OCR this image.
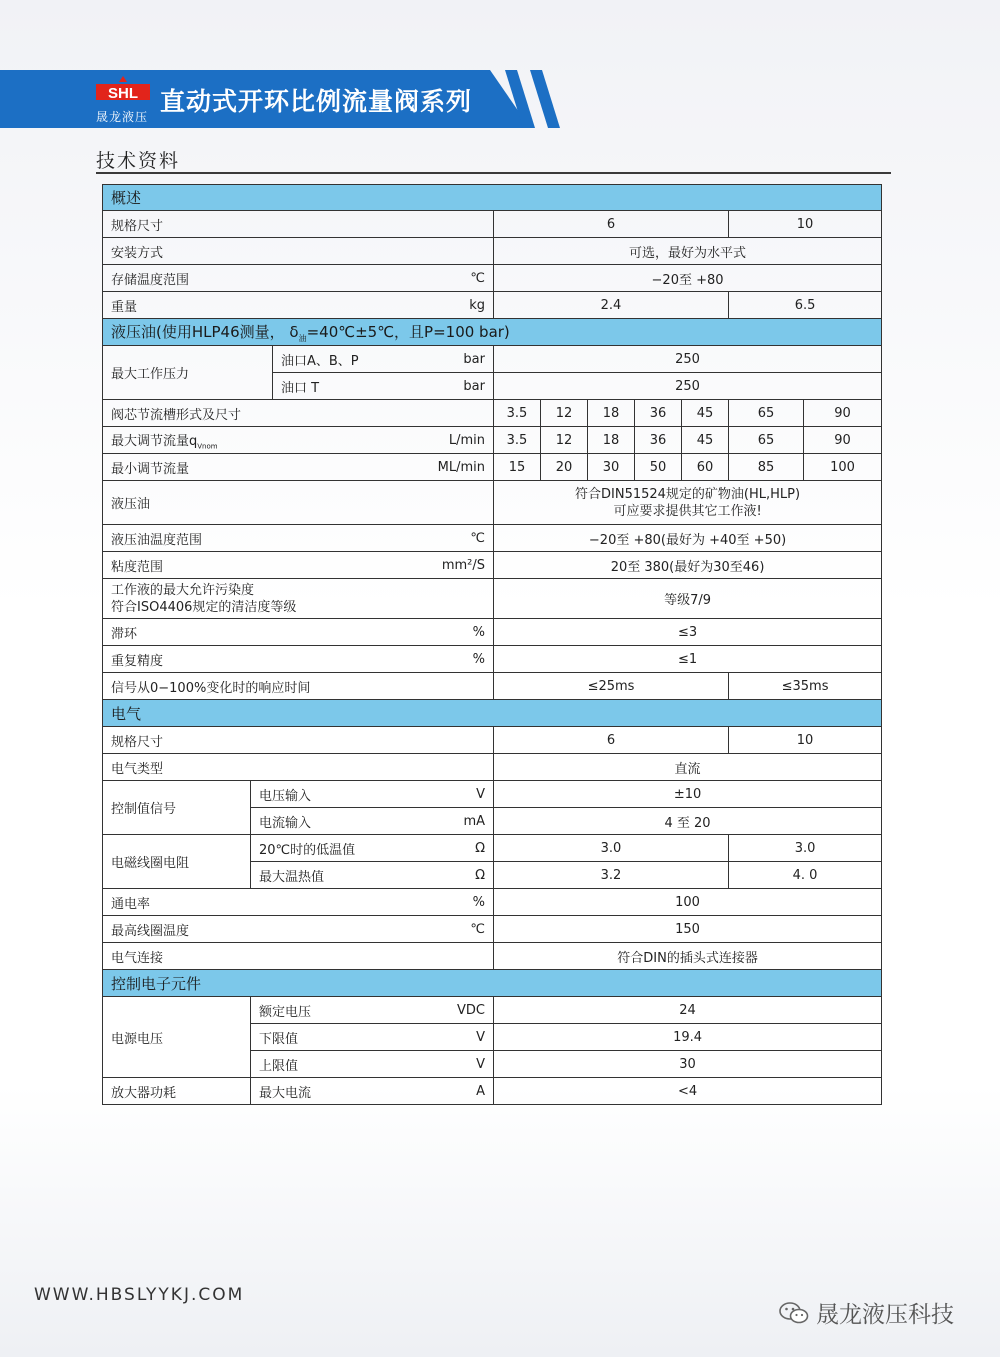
SHL
晟龙液压
直动式开环比例流量阀系列
技术资料
概述										
规格尺寸				6					10	
安装方式				可选，最好为水平式						
存储温度范围			℃	−20至 +80						
重量			kg	2.4					6.5	
液压油(使用HLP46测量， $\delta_油=40℃\pm 5℃$，且P=100 bar)										
最大工作压力		油口A、B、P	bar	250						
		油口 T	bar	250						
阀芯节流槽形式及尺寸				3.5	12	18	36	45	65	90
最大调节流量$q_{Vnom}$			L/min	3.5	12	18	36	45	65	90
最小调节流量			ML/min	15	20	30	50	60	85	100
液压油				符合DIN51524规定的矿物油(HL,HLP)
可应要求提供其它工作液!						

液压油温度范围			℃	−20至 +80(最好为 +40至 +50)						
粘度范围			mm²/S	20至 380(最好为30至46)						

工作液的最大允许污染度
符合ISO4406规定的清洁度等级				等级7/9						
滞环			%	≤3						
重复精度			%	≤1						
信号从0−100%变化时的响应时间				≤25ms					≤35ms	
电气										
规格尺寸				6					10	
电气类型				直流						
控制值信号	电压输入		V	±10						
	电流输入		mA	4 至 20						
电磁线圈电阻	20℃时的低温值		Ω	3.0					3.0	
	最大温热值		Ω	3.2					4. 0	
通电率			%	100						
最高线圈温度			℃	150						
电气连接				符合DIN的插头式连接器						
控制电子元件										
电源电压	额定电压		VDC	24						
	下限值		V	19.4						
	上限值		V	30						
放大器功耗	最大电流		A	<4						
WWW.HBSLYYKJ.COM
晟龙液压科技
